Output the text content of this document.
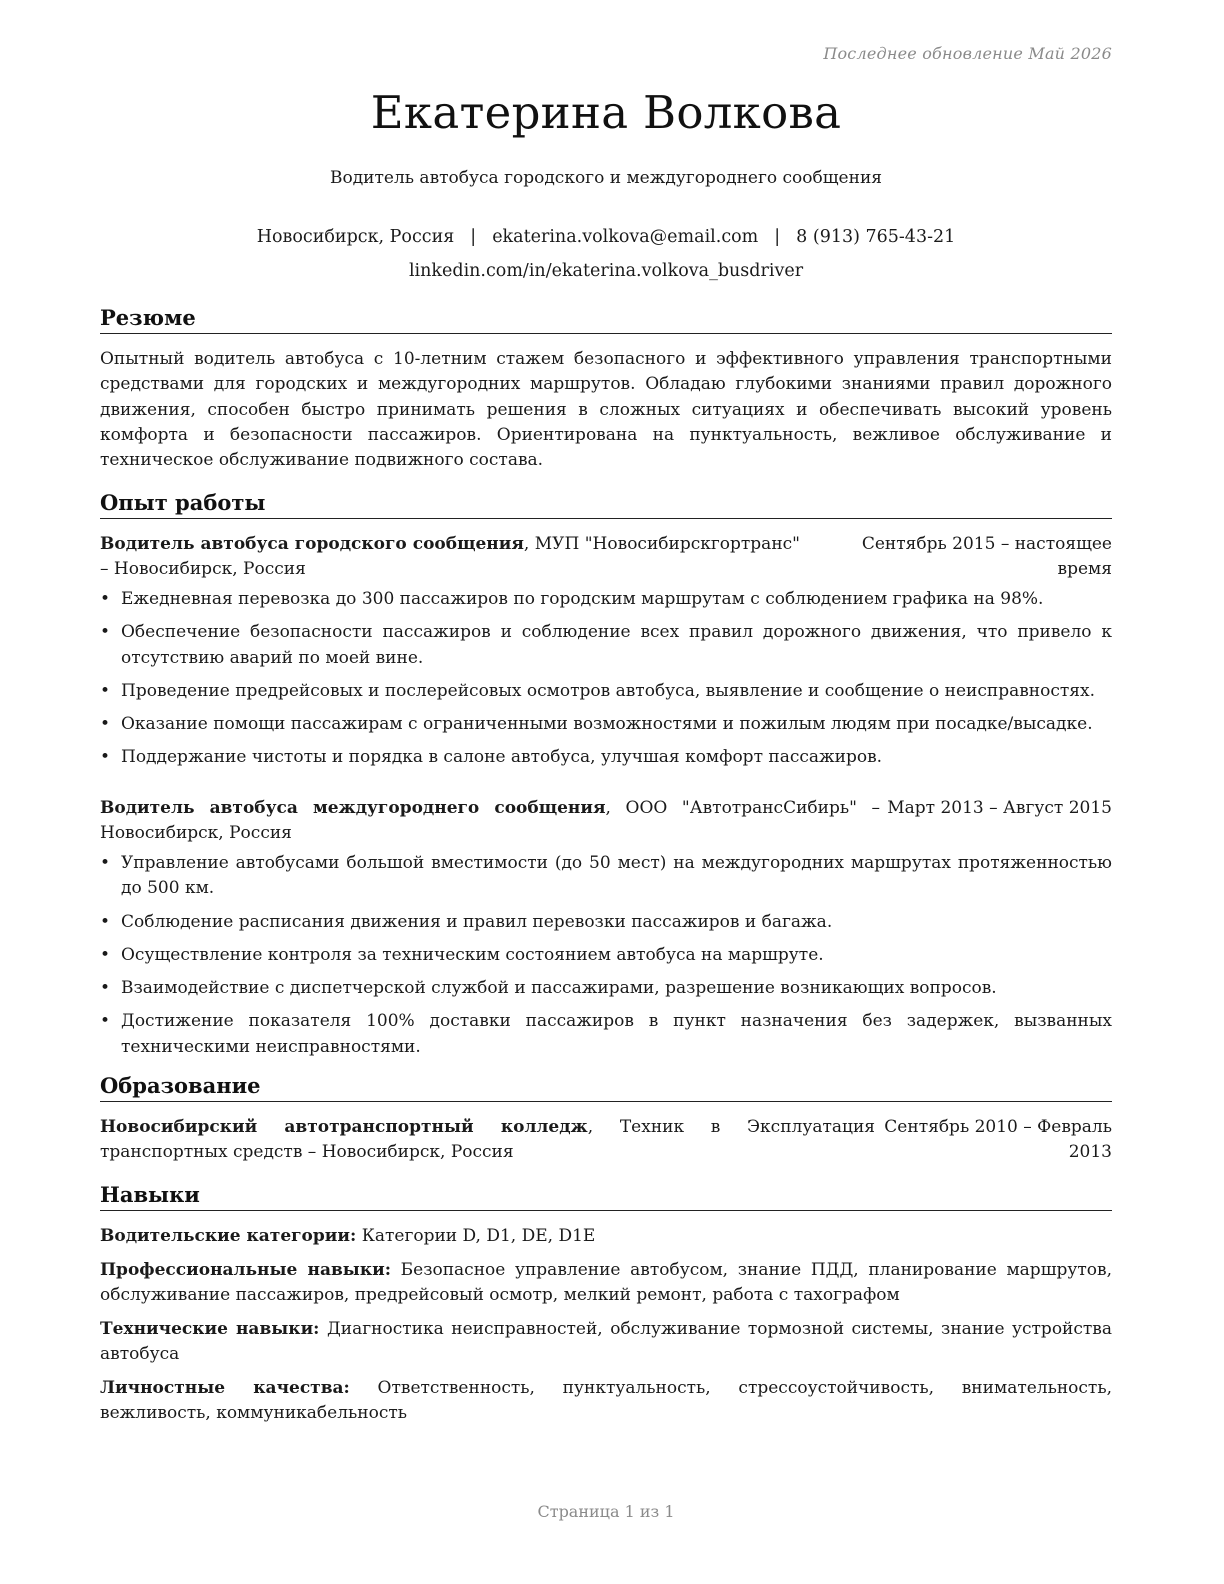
Последнее обновление Май 2026
Екатерина Волкова
Водитель автобуса городского и междугороднего сообщения
Новосибирск, Россия | ekaterina.volkova@email.com | 8 (913) 765-43-21
linkedin.com/in/ekaterina.volkova_busdriver
Резюме
Опытный водитель автобуса с 10-летним стажем безопасного и эффективного управления транспортными средствами для городских и междугородних маршрутов. Обладаю глубокими знаниями правил дорожного движения, способен быстро принимать решения в сложных ситуациях и обеспечивать высокий уровень комфорта и безопасности пассажиров. Ориентирована на пунктуальность, вежливое обслуживание и техническое обслуживание подвижного состава.
Опыт работы
Водитель автобуса городского сообщения, МУП "Новосибирскгортранс" – Новосибирск, Россия
Сентябрь 2015 – настоящее время
• Ежедневная перевозка до 300 пассажиров по городским маршрутам с соблюдением графика на 98%.
• Обеспечение безопасности пассажиров и соблюдение всех правил дорожного движения, что привело к отсутствию аварий по моей вине.
• Проведение предрейсовых и послерейсовых осмотров автобуса, выявление и сообщение о неисправностях.
• Оказание помощи пассажирам с ограниченными возможностями и пожилым людям при посадке/высадке.
• Поддержание чистоты и порядка в салоне автобуса, улучшая комфорт пассажиров.
Водитель автобуса междугороднего сообщения, ООО "АвтотрансСибирь" – Новосибирск, Россия
Март 2013 – Август 2015
• Управление автобусами большой вместимости (до 50 мест) на междугородних маршрутах протяженностью до 500 км.
• Соблюдение расписания движения и правил перевозки пассажиров и багажа.
• Осуществление контроля за техническим состоянием автобуса на маршруте.
• Взаимодействие с диспетчерской службой и пассажирами, разрешение возникающих вопросов.
• Достижение показателя 100% доставки пассажиров в пункт назначения без задержек, вызванных техническими неисправностями.
Образование
Новосибирский автотранспортный колледж, Техник в Эксплуатация транспортных средств – Новосибирск, Россия
Сентябрь 2010 – Февраль 2013
Навыки
Водительские категории: Категории D, D1, DE, D1E
Профессиональные навыки: Безопасное управление автобусом, знание ПДД, планирование маршрутов, обслуживание пассажиров, предрейсовый осмотр, мелкий ремонт, работа с тахографом
Технические навыки: Диагностика неисправностей, обслуживание тормозной системы, знание устройства автобуса
Личностные качества: Ответственность, пунктуальность, стрессоустойчивость, внимательность, вежливость, коммуникабельность
Страница 1 из 1
